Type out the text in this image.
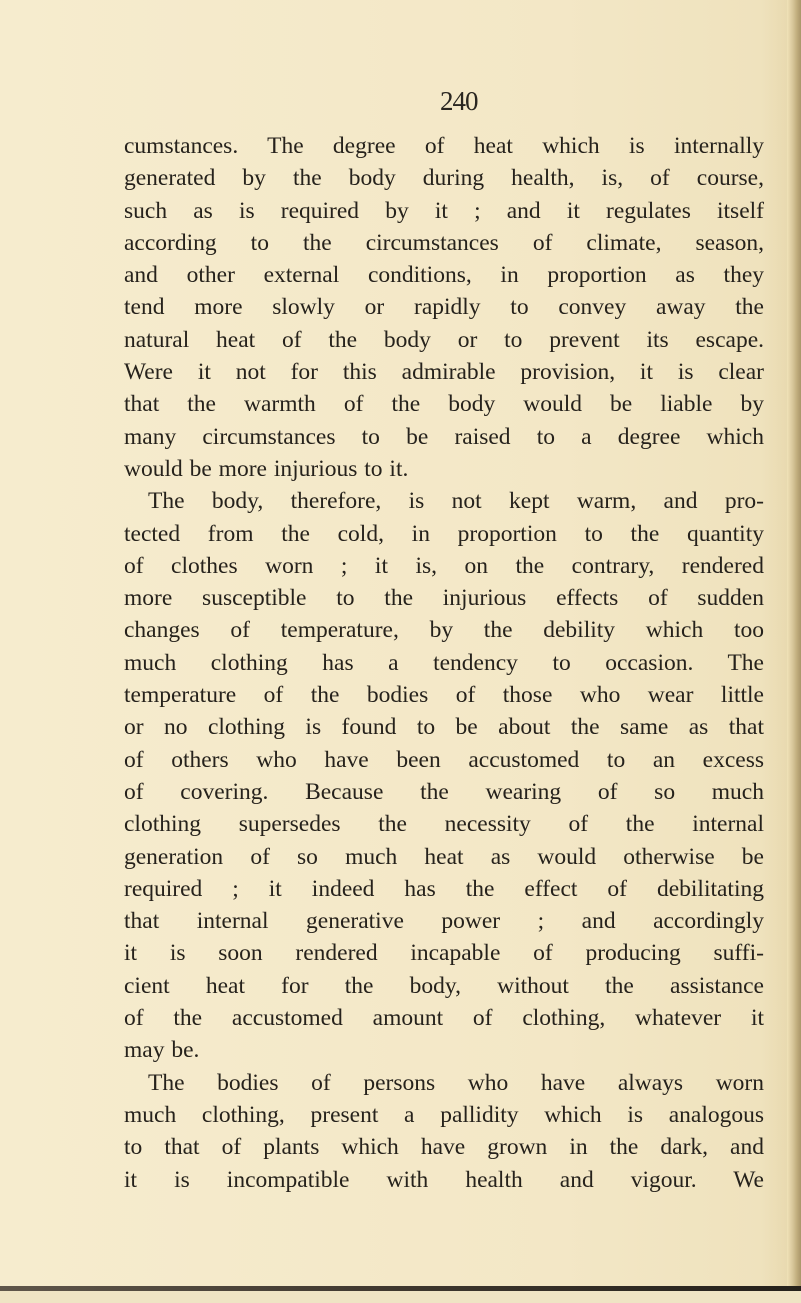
240
cumstances. The degree of heat which is internally
generated by the body during health, is, of course,
such as is required by it ; and it regulates itself
according to the circumstances of climate, season,
and other external conditions, in proportion as they
tend more slowly or rapidly to convey away the
natural heat of the body or to prevent its escape.
Were it not for this admirable provision, it is clear
that the warmth of the body would be liable by
many circumstances to be raised to a degree which
would be more injurious to it.
The body, therefore, is not kept warm, and pro-
tected from the cold, in proportion to the quantity
of clothes worn ; it is, on the contrary, rendered
more susceptible to the injurious effects of sudden
changes of temperature, by the debility which too
much clothing has a tendency to occasion. The
temperature of the bodies of those who wear little
or no clothing is found to be about the same as that
of others who have been accustomed to an excess
of covering. Because the wearing of so much
clothing supersedes the necessity of the internal
generation of so much heat as would otherwise be
required ; it indeed has the effect of debilitating
that internal generative power ; and accordingly
it is soon rendered incapable of producing suffi-
cient heat for the body, without the assistance
of the accustomed amount of clothing, whatever it
may be.
The bodies of persons who have always worn
much clothing, present a pallidity which is analogous
to that of plants which have grown in the dark, and
it is incompatible with health and vigour. We
